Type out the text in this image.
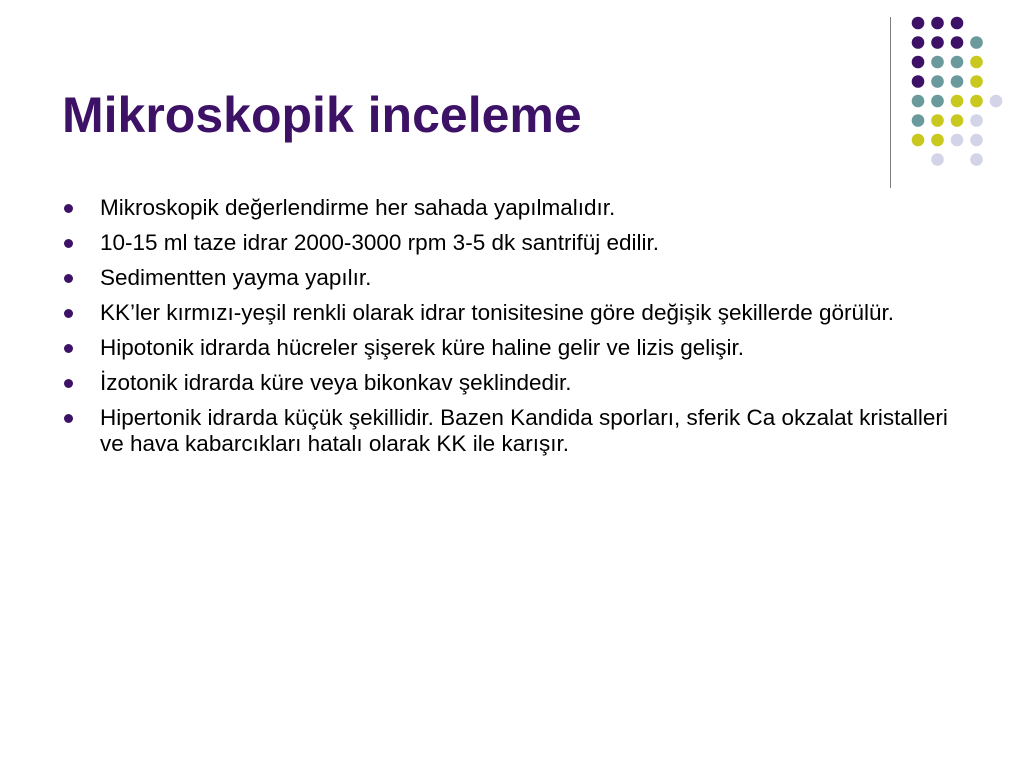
Mikroskopik inceleme
Mikroskopik değerlendirme her sahada yapılmalıdır.
10-15 ml taze idrar 2000-3000 rpm 3-5 dk santrifüj edilir.
Sedimentten yayma yapılır.
KK’ler kırmızı-yeşil renkli olarak idrar tonisitesine göre değişik şekillerde görülür.
Hipotonik idrarda hücreler şişerek küre haline gelir ve lizis gelişir.
İzotonik idrarda küre veya bikonkav şeklindedir.
Hipertonik idrarda küçük şekillidir. Bazen Kandida sporları, sferik Ca okzalat kristalleri ve hava kabarcıkları hatalı olarak KK ile karışır.
